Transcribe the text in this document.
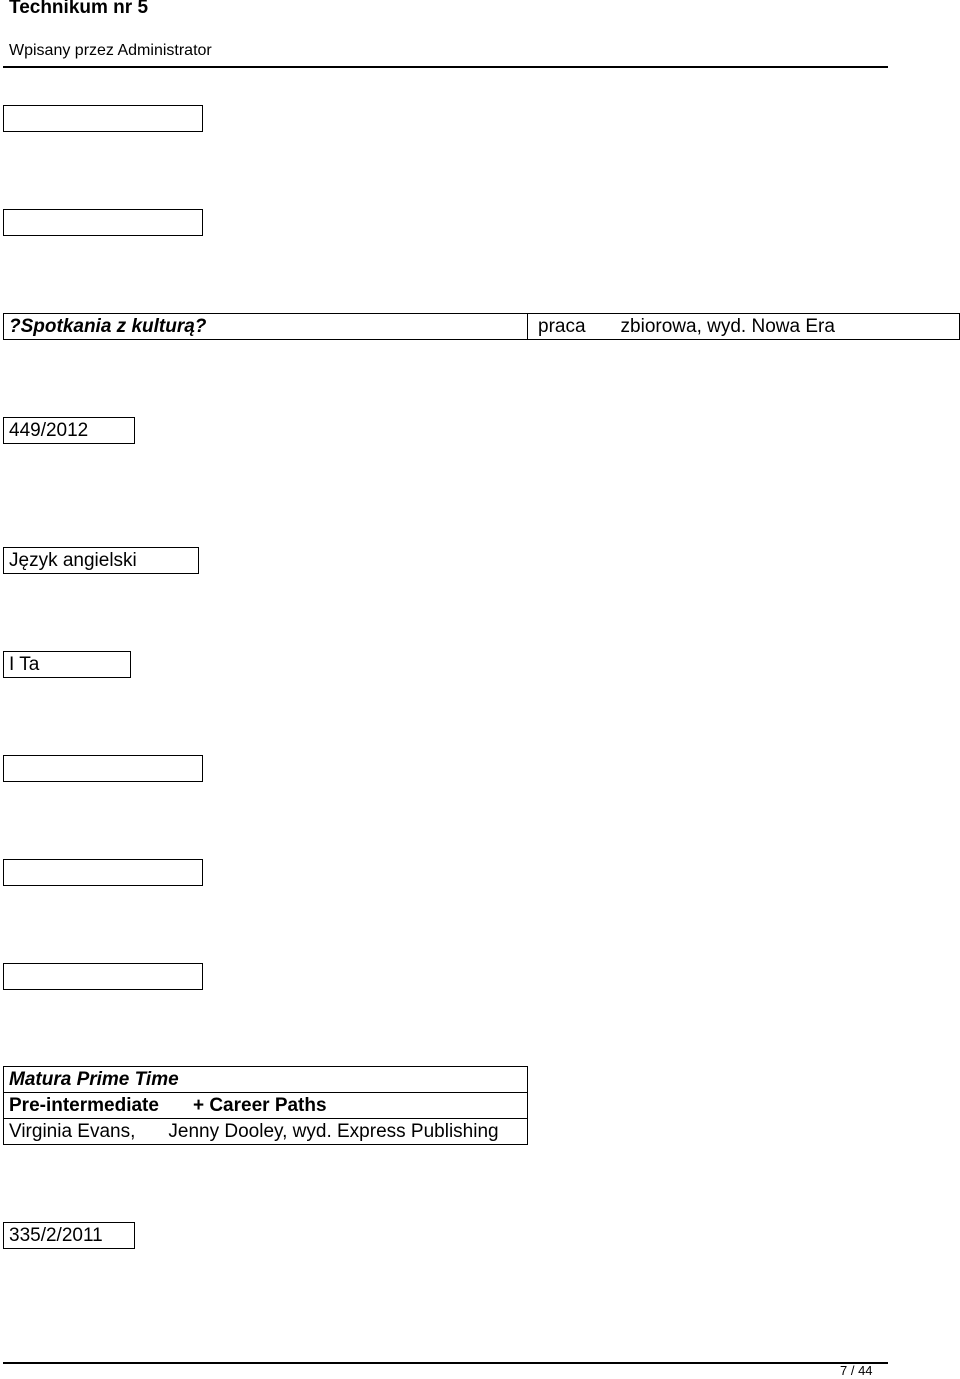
Technikum nr 5
Wpisany przez Administrator
?Spotkania z kulturą?	praca zbiorowa, wyd. Nowa Era
449/2012
Język angielski
I Ta
Matura Prime Time
Pre-intermediate + Career Paths
Virginia Evans, Jenny Dooley, wyd. Express Publishing
335/2/2011
7 / 44
